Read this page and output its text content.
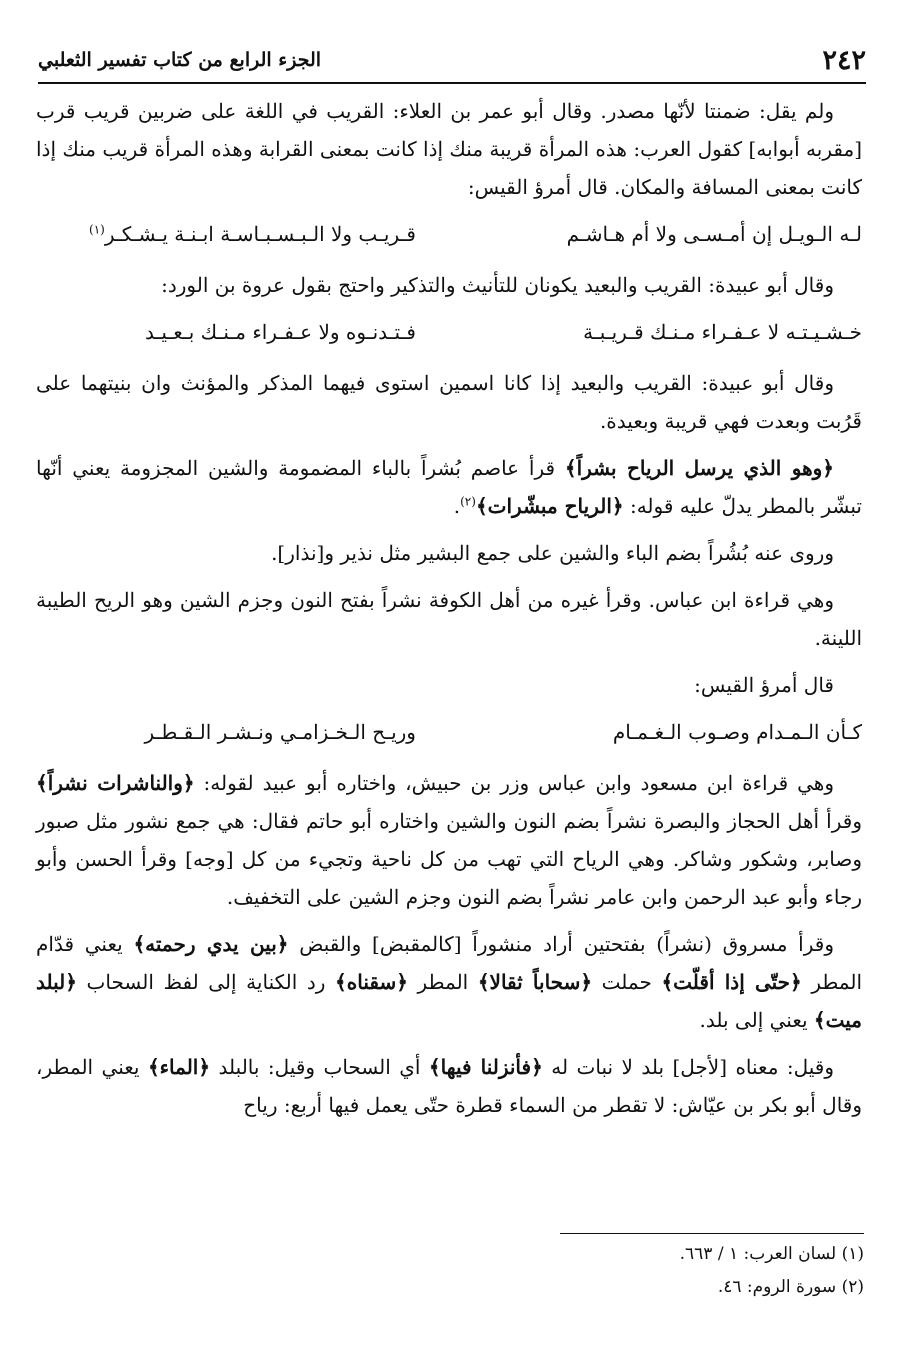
٢٤٢
الجزء الرابع من كتاب تفسير الثعلبي

ولم يقل: ضمنتا لأنّها مصدر. وقال أبو عمر بن العلاء: القريب في اللغة على ضربين قريب قرب [مقربه أبوابه] كقول العرب: هذه المرأة قريبة منك إذا كانت بمعنى القرابة وهذه المرأة قريب منك إذا كانت بمعنى المسافة والمكان. قال أمرؤ القيس:

لـه الـويـل إن أمـسـى ولا أم هـاشـم
قـريـب ولا الـبـسـبـاسـة ابـنـة يـشـكـر$^{(١)}$

وقال أبو عبيدة: القريب والبعيد يكونان للتأنيث والتذكير واحتج بقول عروة بن الورد:

خـشـيـتـه لا عـفـراء مـنـك قـريـبـة
فـتـدنـوه ولا عـفـراء مـنـك بـعـيـد

وقال أبو عبيدة: القريب والبعيد إذا كانا اسمين استوى فيهما المذكر والمؤنث وان بنيتهما على قَرُبت وبعدت فهي قريبة وبعيدة.

﴿وهو الذي يرسل الرياح بشراً﴾ قرأ عاصم بُشراً بالباء المضمومة والشين المجزومة يعني أنّها تبشّر بالمطر يدلّ عليه قوله: ﴿الرياح مبشّرات﴾$^{(٢)}$.

وروى عنه بُشُراً بضم الباء والشين على جمع البشير مثل نذير و[نذار].

وهي قراءة ابن عباس. وقرأ غيره من أهل الكوفة نشراً بفتح النون وجزم الشين وهو الريح الطيبة اللينة.

قال أمرؤ القيس:

كـأن الـمـدام وصـوب الـغـمـام
وريـح الـخـزامـي ونـشـر الـقـطـر

وهي قراءة ابن مسعود وابن عباس وزر بن حبيش، واختاره أبو عبيد لقوله: ﴿والناشرات نشراً﴾ وقرأ أهل الحجاز والبصرة نشراً بضم النون والشين واختاره أبو حاتم فقال: هي جمع نشور مثل صبور وصابر، وشكور وشاكر. وهي الرياح التي تهب من كل ناحية وتجيء من كل [وجه] وقرأ الحسن وأبو رجاء وأبو عبد الرحمن وابن عامر نشراً بضم النون وجزم الشين على التخفيف.

وقرأ مسروق (نشراً) بفتحتين أراد منشوراً [كالمقبض] والقبض ﴿بين يدي رحمته﴾ يعني قدّام المطر ﴿حتّى إذا أقلّت﴾ حملت ﴿سحاباً ثقالا﴾ المطر ﴿سقناه﴾ رد الكناية إلى لفظ السحاب ﴿لبلد ميت﴾ يعني إلى بلد.

وقيل: معناه [لأجل] بلد لا نبات له ﴿فأنزلنا فيها﴾ أي السحاب وقيل: بالبلد ﴿الماء﴾ يعني المطر، وقال أبو بكر بن عيّاش: لا تقطر من السماء قطرة حتّى يعمل فيها أربع: رياح

(١) لسان العرب: ١ / ٦٦٣.
(٢) سورة الروم: ٤٦.
